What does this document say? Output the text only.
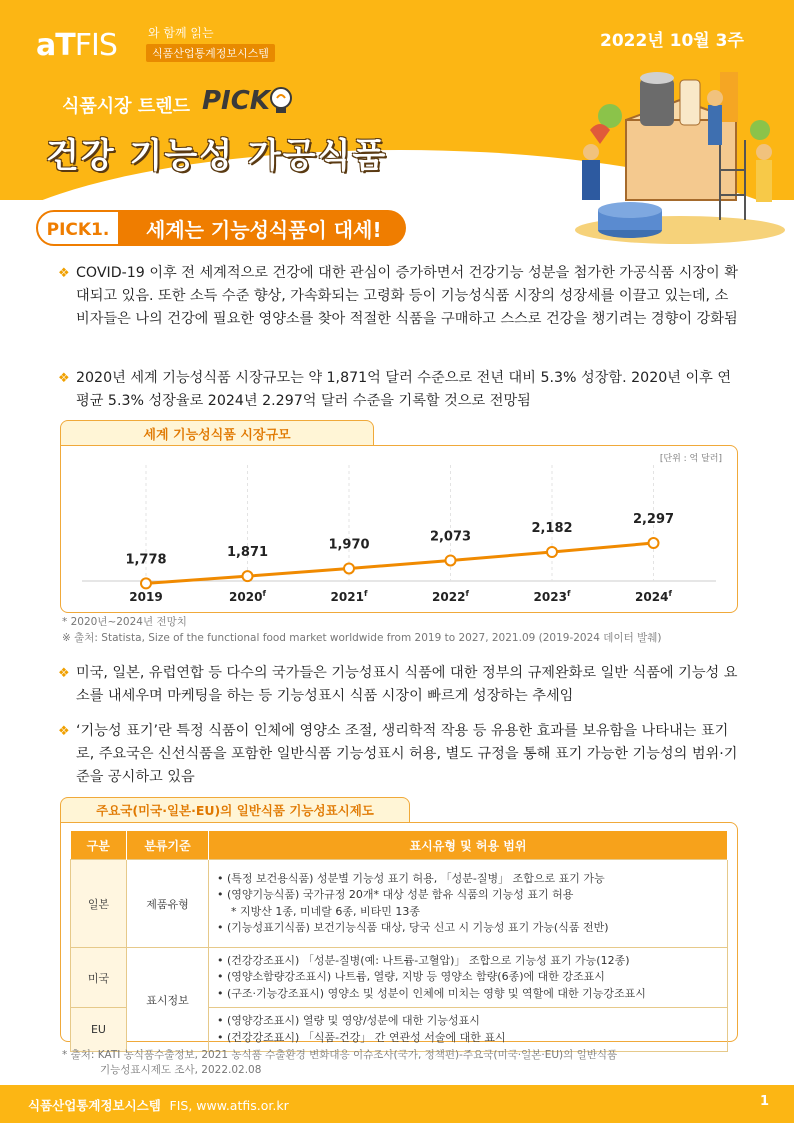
aTFIS	와 함께 읽는
식품산업통계정보시스템
2022년 10월 3주
식품시장 트렌드 PICK
건강 기능성 가공식품
PICK1.	세계는 기능성식품이 대세!
❖ COVID-19 이후 전 세계적으로 건강에 대한 관심이 증가하면서 건강기능 성분을 첨가한 가공식품 시장이 확대되고 있음. 또한 소득 수준 향상, 가속화되는 고령화 등이 기능성식품 시장의 성장세를 이끌고 있는데, 소비자들은 나의 건강에 필요한 영양소를 찾아 적절한 식품을 구매하고 스스로 건강을 챙기려는 경향이 강화됨
❖ 2020년 세계 기능성식품 시장규모는 약 1,871억 달러 수준으로 전년 대비 5.3% 성장함. 2020년 이후 연평균 5.3% 성장율로 2024년 2.297억 달러 수준을 기록할 것으로 전망됨
세계 기능성식품 시장규모
[단위 : 억 달러]
1,778
2019
1,871
2020$^f$
1,970
2021$^f$
2,073
2022$^f$
2,182
2023$^f$
2,297
2024$^f$
* 2020년~2024년 전망치
※ 출처: Statista, Size of the functional food market worldwide from 2019 to 2027, 2021.09 (2019-2024 데이터 발췌)
❖ 미국, 일본, 유럽연합 등 다수의 국가들은 기능성표시 식품에 대한 정부의 규제완화로 일반 식품에 기능성 요소를 내세우며 마케팅을 하는 등 기능성표시 식품 시장이 빠르게 성장하는 추세임
❖ ‘기능성 표기’란 특정 식품이 인체에 영양소 조절, 생리학적 작용 등 유용한 효과를 보유함을 나타내는 표기로, 주요국은 신선식품을 포함한 일반식품 기능성표시 허용, 별도 규정을 통해 표기 가능한 기능성의 범위·기준을 공시하고 있음
주요국(미국·일본·EU)의 일반식품 기능성표시제도
구분	분류기준	표시유형 및 허용 범위
일본	제품유형	• (특정 보건용식품) 성분별 기능성 표기 허용, 「성분-질병」 조합으로 표기 가능
• (영양기능식품) 국가규정 20개* 대상 성분 함유 식품의 기능성 표기 허용
* 지방산 1종, 미네랄 6종, 비타민 13종
• (기능성표기식품) 보건기능식품 대상, 당국 신고 시 기능성 표기 가능(식품 전반)

미국	표시정보	• (건강강조표시) 「성분-질병(예: 나트륨-고혈압)」 조합으로 기능성 표기 가능(12종)
• (영양소함량강조표시) 나트륨, 열량, 지방 등 영양소 함량(6종)에 대한 강조표시
• (구조·기능강조표시) 영양소 및 성분이 인체에 미치는 영향 및 역할에 대한 기능강조표시

EU		• (영양강조표시) 열량 및 영양/성분에 대한 기능성표시
• (건강강조표시) 「식품-건강」 간 연관성 서술에 대한 표시
* 출처: KATI 농식품수출정보, 2021 농식품 수출환경 변화대응 이슈조사(국가, 정책편)-주요국(미국·일본·EU)의 일반식품
기능성표시제도 조사, 2022.02.08
식품산업통계정보시스템 FIS, www.atfis.or.kr	1
